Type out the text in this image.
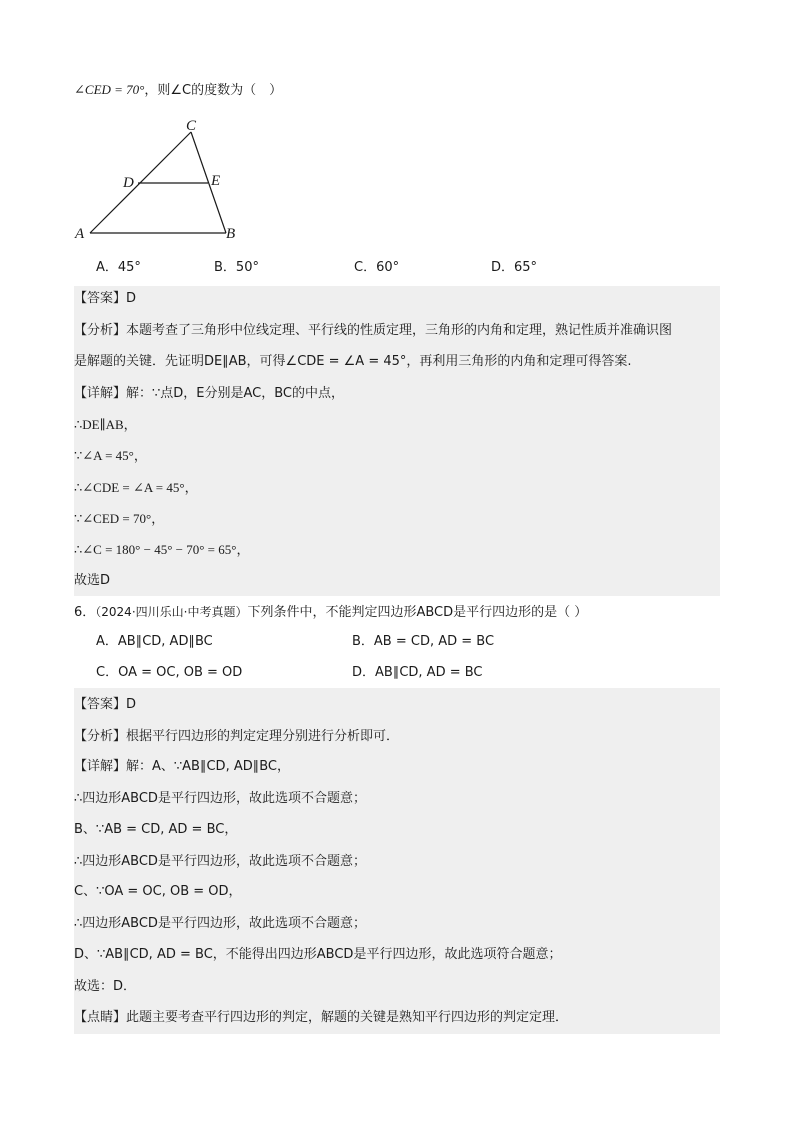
∠CED = 70°，则∠C的度数为（　）
C
D	E
A	B
A．45°	B．50°	C．60°	D．65°
【答案】D
【分析】本题考查了三角形中位线定理、平行线的性质定理，三角形的内角和定理，熟记性质并准确识图
是解题的关键．先证明DE∥AB，可得∠CDE = ∠A = 45°，再利用三角形的内角和定理可得答案.
【详解】解：∵点D，E分别是AC，BC的中点，
∴DE∥AB，
∵∠A = 45°，
∴∠CDE = ∠A = 45°，
∵∠CED = 70°，
∴∠C = 180° − 45° − 70° = 65°，
故选D
6．（2024·四川乐山·中考真题）下列条件中，不能判定四边形ABCD是平行四边形的是（ ）
A．AB∥CD, AD∥BC	B．AB = CD, AD = BC
C．OA = OC, OB = OD	D．AB∥CD, AD = BC
【答案】D
【分析】根据平行四边形的判定定理分别进行分析即可．
【详解】解：A、∵AB∥CD, AD∥BC，
∴四边形ABCD是平行四边形，故此选项不合题意；
B、∵AB = CD, AD = BC，
∴四边形ABCD是平行四边形，故此选项不合题意；
C、∵OA = OC, OB = OD，
∴四边形ABCD是平行四边形，故此选项不合题意；
D、∵AB∥CD, AD = BC，不能得出四边形ABCD是平行四边形，故此选项符合题意；
故选：D．
【点睛】此题主要考查平行四边形的判定，解题的关键是熟知平行四边形的判定定理．
